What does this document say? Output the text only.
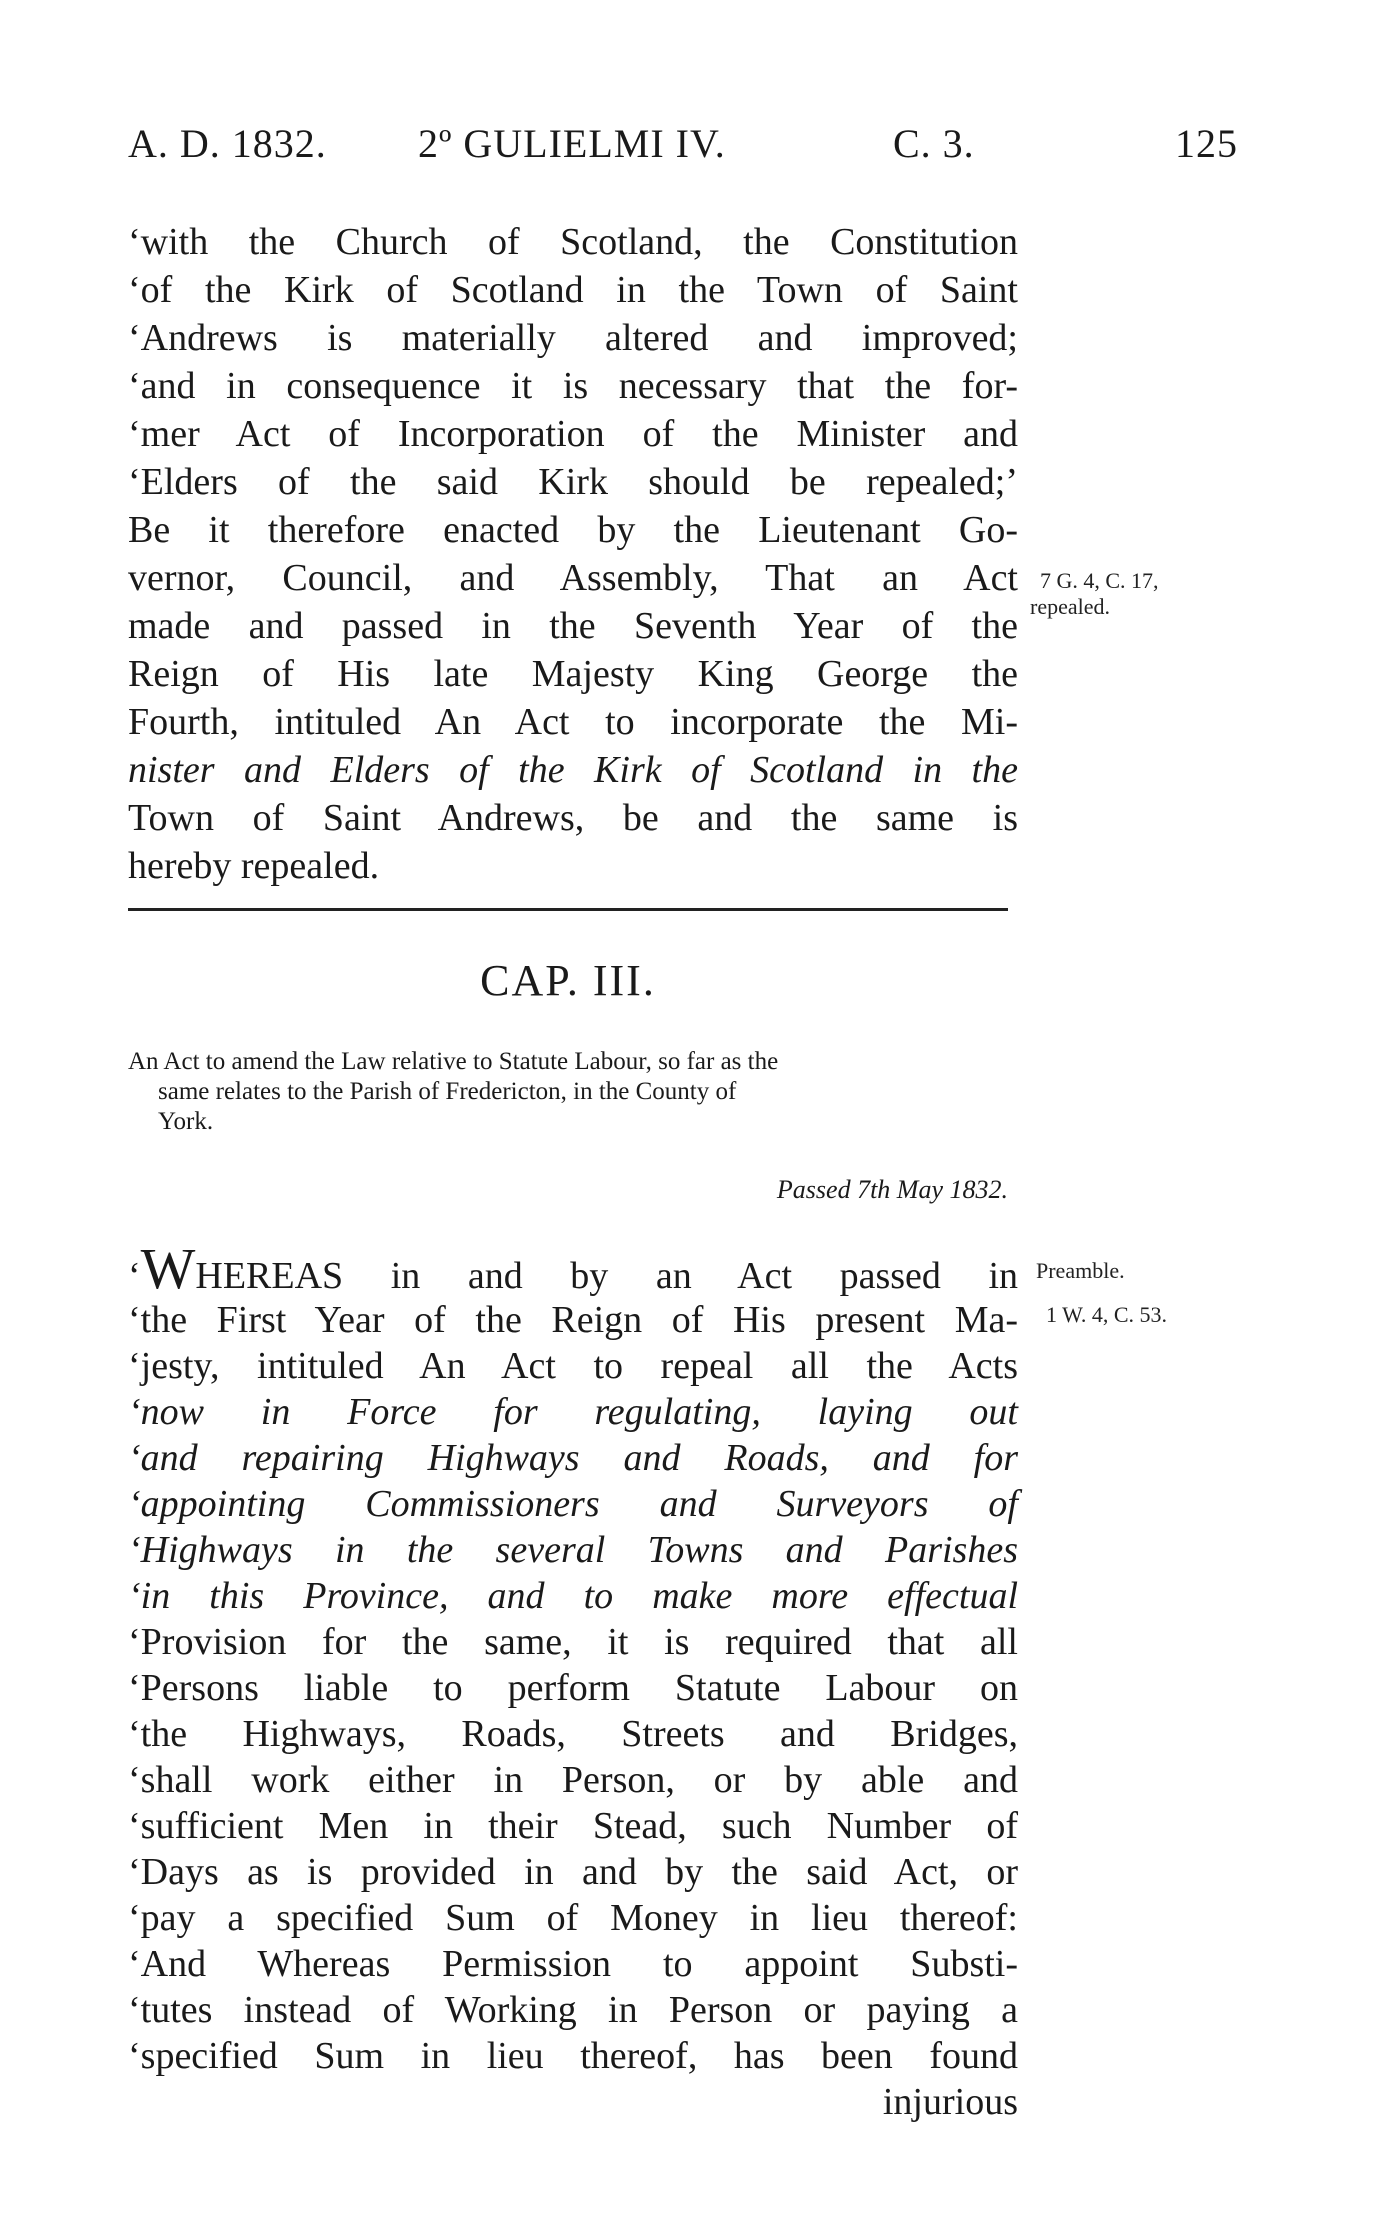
A. D. 1832. 2º GULIELMI IV.	C. 3.	125
‘with the Church of Scotland, the Constitution
‘of the Kirk of Scotland in the Town of Saint
‘Andrews is materially altered and improved;
‘and in consequence it is necessary that the for-
‘mer Act of Incorporation of the Minister and
‘Elders of the said Kirk should be repealed;’
Be it therefore enacted by the Lieutenant Go-
vernor, Council, and Assembly, That an Act
made and passed in the Seventh Year of the
Reign of His late Majesty King George the
Fourth, intituled An Act to incorporate the Mi-
nister and Elders of the Kirk of Scotland in the
Town of Saint Andrews, be and the same is
hereby repealed.
7 G. 4, C. 17,
repealed.
CAP. III.
An Act to amend the Law relative to Statute Labour, so far as the
same relates to the Parish of Fredericton, in the County of
York.
Passed 7th May 1832.
‘WHEREAS in and by an Act passed in
‘the First Year of the Reign of His present Ma-
‘jesty, intituled An Act to repeal all the Acts
‘now in Force for regulating, laying out
‘and repairing Highways and Roads, and for
‘appointing Commissioners and Surveyors of
‘Highways in the several Towns and Parishes
‘in this Province, and to make more effectual
‘Provision for the same, it is required that all
‘Persons liable to perform Statute Labour on
‘the Highways, Roads, Streets and Bridges,
‘shall work either in Person, or by able and
‘sufficient Men in their Stead, such Number of
‘Days as is provided in and by the said Act, or
‘pay a specified Sum of Money in lieu thereof:
‘And Whereas Permission to appoint Substi-
‘tutes instead of Working in Person or paying a
‘specified Sum in lieu thereof, has been found
injurious
Preamble.
1 W. 4, C. 53.
